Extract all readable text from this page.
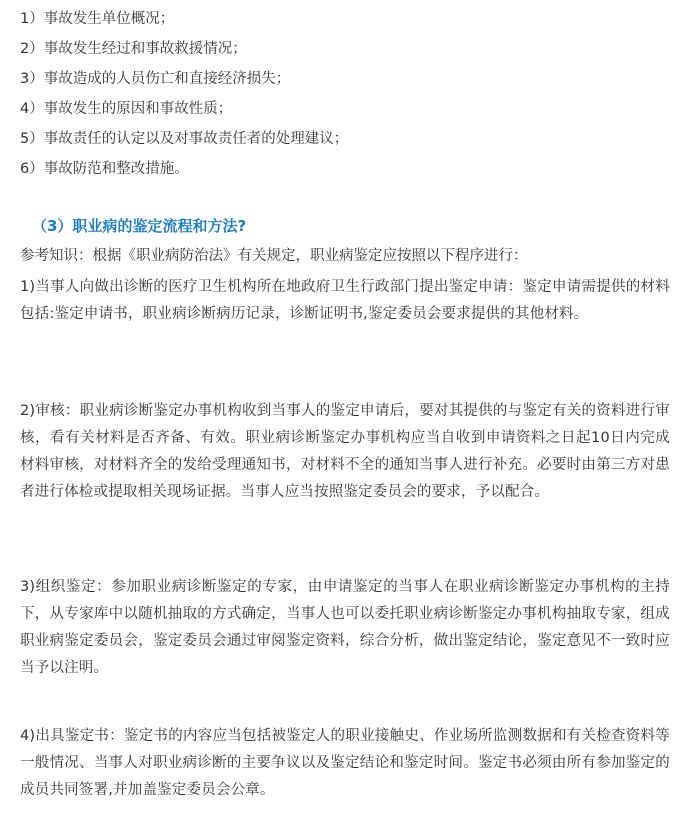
1）事故发生单位概况；
2）事故发生经过和事故救援情况；
3）事故造成的人员伤亡和直接经济损失；
4）事故发生的原因和事故性质；
5）事故责任的认定以及对事故责任者的处理建议；
6）事故防范和整改措施。
（3）职业病的鉴定流程和方法?
参考知识：根据《职业病防治法》有关规定，职业病鉴定应按照以下程序进行：
1)当事人向做出诊断的医疗卫生机构所在地政府卫生行政部门提出鉴定申请：鉴定申请需提供的材料包括:鉴定申请书，职业病诊断病历记录，诊断证明书,鉴定委员会要求提供的其他材料。
2)审核：职业病诊断鉴定办事机构收到当事人的鉴定申请后，要对其提供的与鉴定有关的资料进行审核，看有关材料是否齐备、有效。职业病诊断鉴定办事机构应当自收到申请资料之日起10日内完成材料审核，对材料齐全的发给受理通知书，对材料不全的通知当事人进行补充。必要时由第三方对患者进行体检或提取相关现场证据。当事人应当按照鉴定委员会的要求，予以配合。
3)组织鉴定：参加职业病诊断鉴定的专家，由申请鉴定的当事人在职业病诊断鉴定办事机构的主持下，从专家库中以随机抽取的方式确定，当事人也可以委托职业病诊断鉴定办事机构抽取专家，组成职业病鉴定委员会，鉴定委员会通过审阅鉴定资料，综合分析，做出鉴定结论，鉴定意见不一致时应当予以注明。
4)出具鉴定书：鉴定书的内容应当包括被鉴定人的职业接触史、作业场所监测数据和有关检查资料等一般情况、当事人对职业病诊断的主要争议以及鉴定结论和鉴定时间。鉴定书必须由所有参加鉴定的成员共同签署,并加盖鉴定委员会公章。
